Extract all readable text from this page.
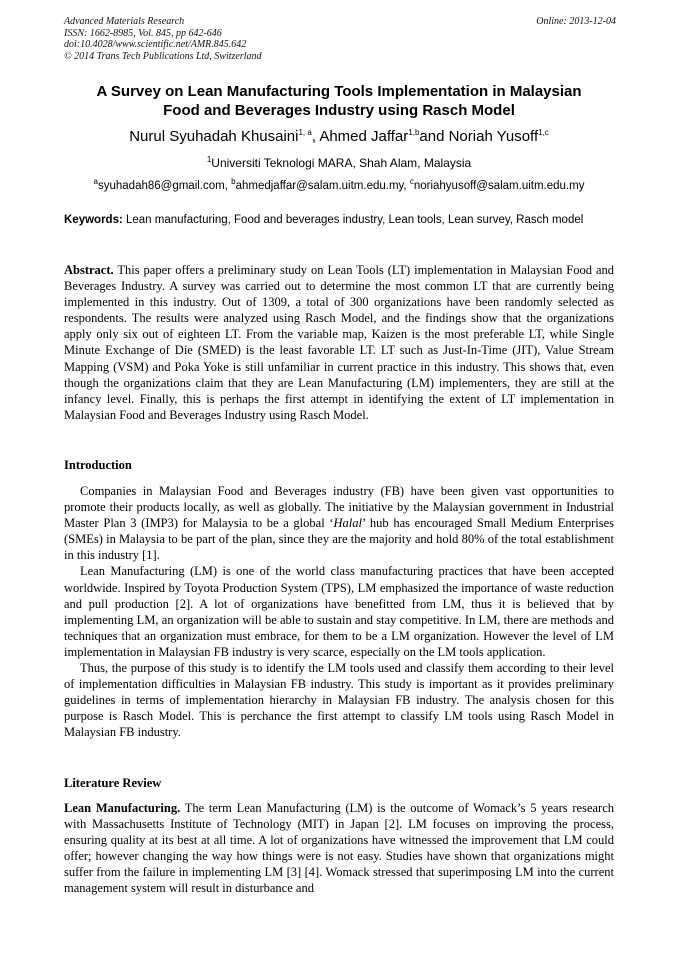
Advanced Materials Research
ISSN: 1662-8985, Vol. 845, pp 642-646
doi:10.4028/www.scientific.net/AMR.845.642
© 2014 Trans Tech Publications Ltd, Switzerland
Online: 2013-12-04
A Survey on Lean Manufacturing Tools Implementation in Malaysian
Food and Beverages Industry using Rasch Model
Nurul Syuhadah Khusaini$^{1, a}$, Ahmed Jaffar$^{1,b}$and Noriah Yusoff$^{1,c}$
$^1$Universiti Teknologi MARA, Shah Alam, Malaysia
$^a$syuhadah86@gmail.com, $^b$ahmedjaffar@salam.uitm.edu.my, $^c$noriahyusoff@salam.uitm.edu.my
Keywords: Lean manufacturing, Food and beverages industry, Lean tools, Lean survey, Rasch model

Abstract. This paper offers a preliminary study on Lean Tools (LT) implementation in Malaysian Food and Beverages Industry. A survey was carried out to determine the most common LT that are currently being implemented in this industry. Out of 1309, a total of 300 organizations have been randomly selected as respondents. The results were analyzed using Rasch Model, and the findings show that the organizations apply only six out of eighteen LT. From the variable map, Kaizen is the most preferable LT, while Single Minute Exchange of Die (SMED) is the least favorable LT. LT such as Just-In-Time (JIT), Value Stream Mapping (VSM) and Poka Yoke is still unfamiliar in current practice in this industry. This shows that, even though the organizations claim that they are Lean Manufacturing (LM) implementers, they are still at the infancy level. Finally, this is perhaps the first attempt in identifying the extent of LT implementation in Malaysian Food and Beverages Industry using Rasch Model.

Introduction

Companies in Malaysian Food and Beverages industry (FB) have been given vast opportunities to promote their products locally, as well as globally. The initiative by the Malaysian government in Industrial Master Plan 3 (IMP3) for Malaysia to be a global ‘Halal’ hub has encouraged Small Medium Enterprises (SMEs) in Malaysia to be part of the plan, since they are the majority and hold 80% of the total establishment in this industry [1].

Lean Manufacturing (LM) is one of the world class manufacturing practices that have been accepted worldwide. Inspired by Toyota Production System (TPS), LM emphasized the importance of waste reduction and pull production [2]. A lot of organizations have benefitted from LM, thus it is believed that by implementing LM, an organization will be able to sustain and stay competitive. In LM, there are methods and techniques that an organization must embrace, for them to be a LM organization. However the level of LM implementation in Malaysian FB industry is very scarce, especially on the LM tools application.

Thus, the purpose of this study is to identify the LM tools used and classify them according to their level of implementation difficulties in Malaysian FB industry. This study is important as it provides preliminary guidelines in terms of implementation hierarchy in Malaysian FB industry. The analysis chosen for this purpose is Rasch Model. This is perchance the first attempt to classify LM tools using Rasch Model in Malaysian FB industry.

Literature Review

Lean Manufacturing. The term Lean Manufacturing (LM) is the outcome of Womack’s 5 years research with Massachusetts Institute of Technology (MIT) in Japan [2]. LM focuses on improving the process, ensuring quality at its best at all time. A lot of organizations have witnessed the improvement that LM could offer; however changing the way how things were is not easy. Studies have shown that organizations might suffer from the failure in implementing LM [3] [4]. Womack stressed that superimposing LM into the current management system will result in disturbance and
